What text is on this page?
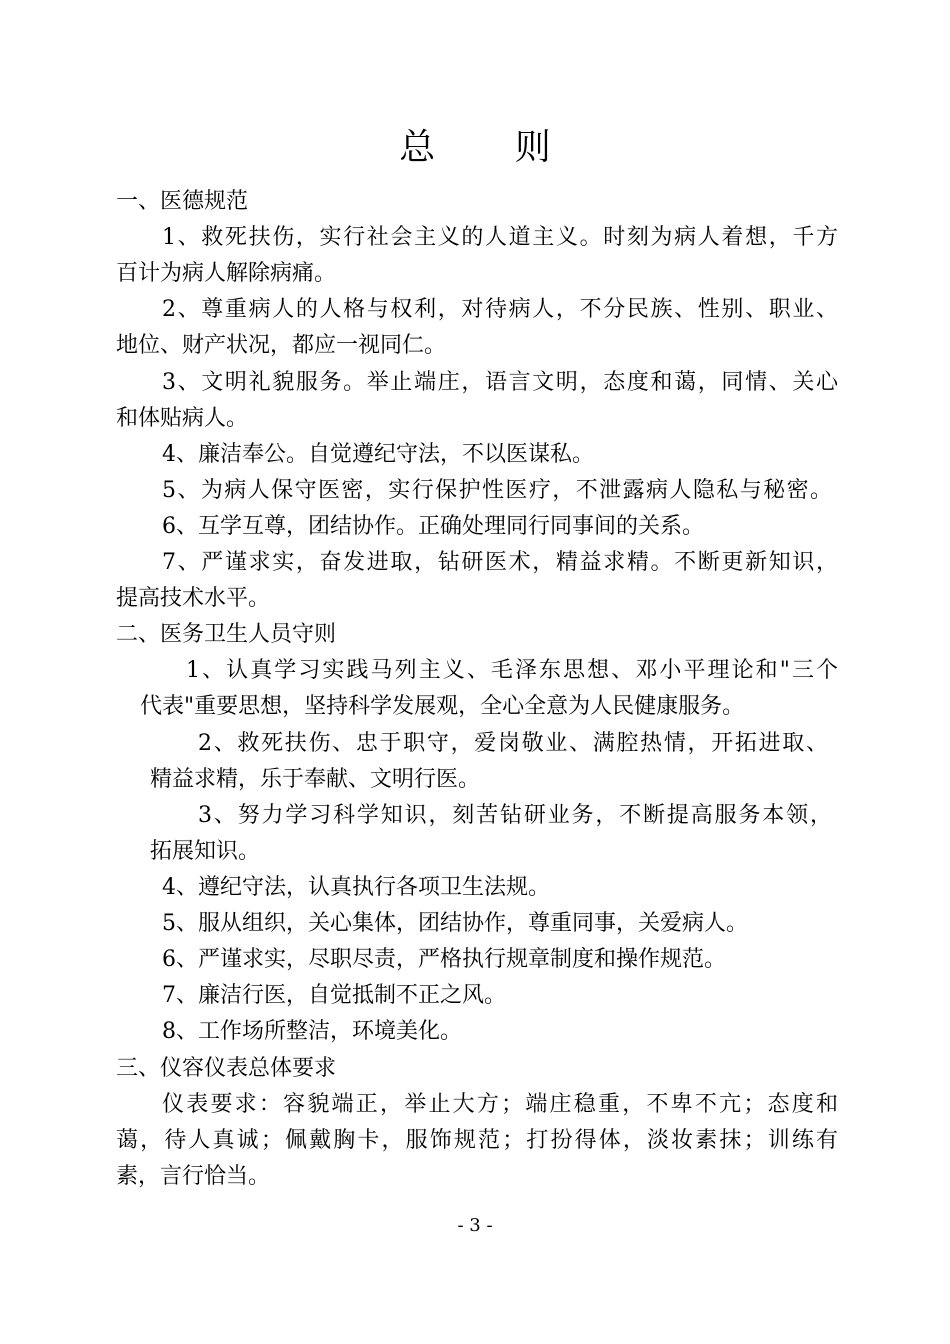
总 则
一、医德规范
1、救死扶伤，实行社会主义的人道主义。时刻为病人着想，千方
百计为病人解除病痛。
2、尊重病人的人格与权利，对待病人，不分民族、性别、职业、
地位、财产状况，都应一视同仁。
3、文明礼貌服务。举止端庄，语言文明，态度和蔼，同情、关心
和体贴病人。
4、廉洁奉公。自觉遵纪守法，不以医谋私。
5、为病人保守医密，实行保护性医疗，不泄露病人隐私与秘密。
6、互学互尊，团结协作。正确处理同行同事间的关系。
7、严谨求实，奋发进取，钻研医术，精益求精。不断更新知识，
提高技术水平。
二、医务卫生人员守则
1、认真学习实践马列主义、毛泽东思想、邓小平理论和"三个
代表"重要思想，坚持科学发展观，全心全意为人民健康服务。
2、救死扶伤、忠于职守，爱岗敬业、满腔热情，开拓进取、
精益求精，乐于奉献、文明行医。
3、努力学习科学知识，刻苦钻研业务，不断提高服务本领，
拓展知识。
4、遵纪守法，认真执行各项卫生法规。
5、服从组织，关心集体，团结协作，尊重同事，关爱病人。
6、严谨求实，尽职尽责，严格执行规章制度和操作规范。
7、廉洁行医，自觉抵制不正之风。
8、工作场所整洁，环境美化。
三、仪容仪表总体要求
仪表要求：容貌端正，举止大方；端庄稳重，不卑不亢；态度和
蔼，待人真诚；佩戴胸卡，服饰规范；打扮得体，淡妆素抹；训练有
素，言行恰当。
- 3 -
